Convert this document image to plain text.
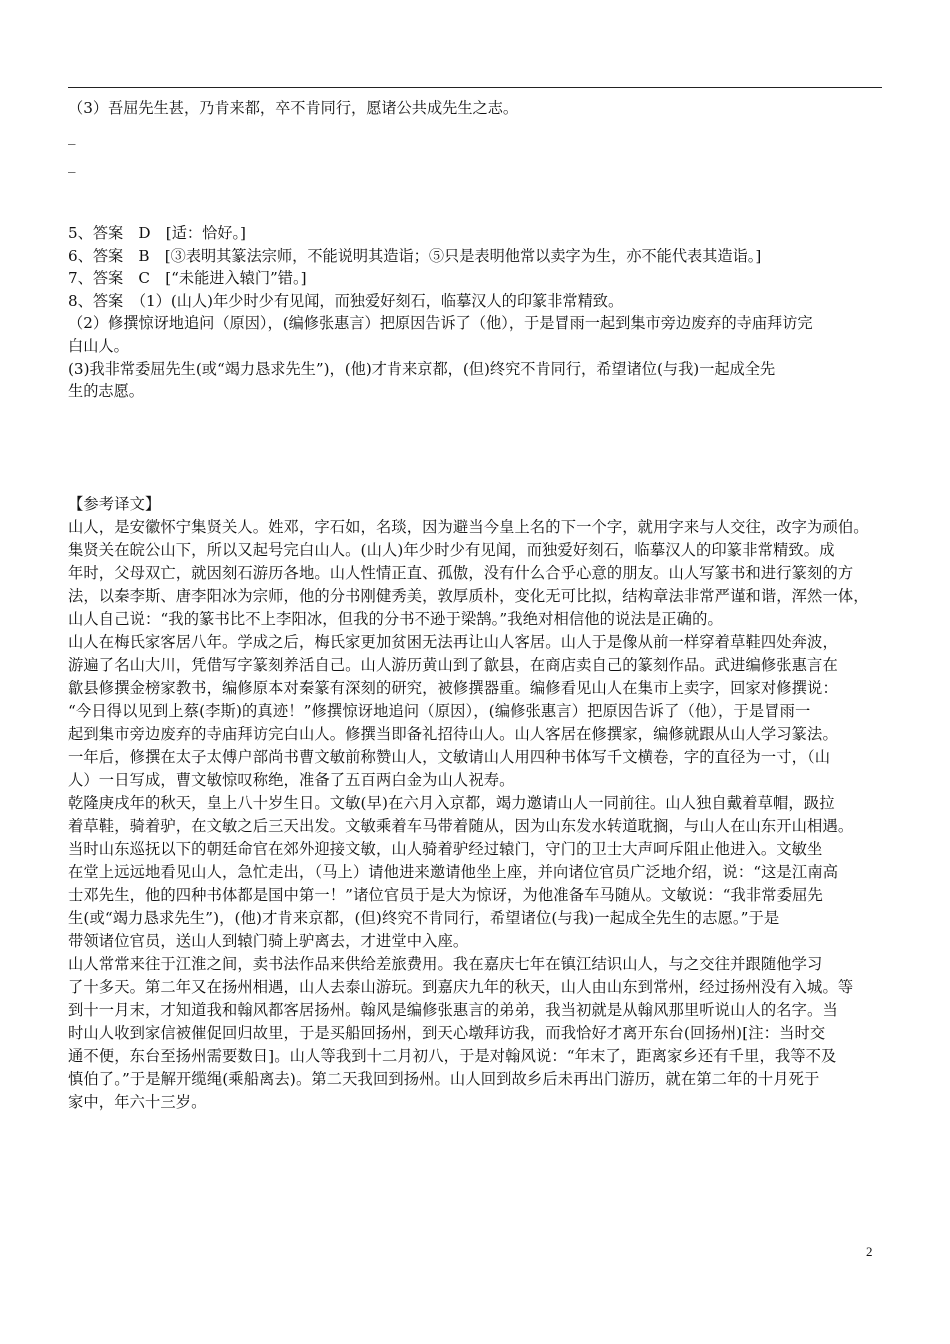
（3）吾屈先生甚，乃肯来都，卒不肯同行，愿诸公共成先生之志。
_
_
5、答案　D　[适：恰好。]
6、答案　B　[③表明其篆法宗师，不能说明其造诣；⑤只是表明他常以卖字为生，亦不能代表其造诣。]
7、答案　C　[“未能进入辕门”错。]
8、答案　（1）(山人)年少时少有见闻，而独爱好刻石，临摹汉人的印篆非常精致。
（2）修撰惊讶地追问（原因），(编修张惠言）把原因告诉了（他），于是冒雨一起到集市旁边废弃的寺庙拜访完
白山人。
(3)我非常委屈先生(或“竭力恳求先生”)，(他)才肯来京都，(但)终究不肯同行，希望诸位(与我)一起成全先
生的志愿。
【参考译文】
山人，是安徽怀宁集贤关人。姓邓，字石如，名琰，因为避当今皇上名的下一个字，就用字来与人交往，改字为顽伯。
集贤关在皖公山下，所以又起号完白山人。(山人)年少时少有见闻，而独爱好刻石，临摹汉人的印篆非常精致。成
年时，父母双亡，就因刻石游历各地。山人性情正直、孤傲，没有什么合乎心意的朋友。山人写篆书和进行篆刻的方
法，以秦李斯、唐李阳冰为宗师，他的分书刚健秀美，敦厚质朴，变化无可比拟，结构章法非常严谨和谐，浑然一体，
山人自己说：“我的篆书比不上李阳冰，但我的分书不逊于梁鹄。”我绝对相信他的说法是正确的。
山人在梅氏家客居八年。学成之后，梅氏家更加贫困无法再让山人客居。山人于是像从前一样穿着草鞋四处奔波，
游遍了名山大川，凭借写字篆刻养活自己。山人游历黄山到了歙县，在商店卖自己的篆刻作品。武进编修张惠言在
歙县修撰金榜家教书，编修原本对秦篆有深刻的研究，被修撰器重。编修看见山人在集市上卖字，回家对修撰说：
“今日得以见到上蔡(李斯)的真迹！”修撰惊讶地追问（原因），(编修张惠言）把原因告诉了（他），于是冒雨一
起到集市旁边废弃的寺庙拜访完白山人。修撰当即备礼招待山人。山人客居在修撰家，编修就跟从山人学习篆法。
一年后，修撰在太子太傅户部尚书曹文敏前称赞山人，文敏请山人用四种书体写千文横卷，字的直径为一寸，（山
人）一日写成，曹文敏惊叹称绝，准备了五百两白金为山人祝寿。
乾隆庚戌年的秋天，皇上八十岁生日。文敏(早)在六月入京都，竭力邀请山人一同前往。山人独自戴着草帽，趿拉
着草鞋，骑着驴，在文敏之后三天出发。文敏乘着车马带着随从，因为山东发水转道耽搁，与山人在山东开山相遇。
当时山东巡抚以下的朝廷命官在郊外迎接文敏，山人骑着驴经过辕门，守门的卫士大声呵斥阻止他进入。文敏坐
在堂上远远地看见山人，急忙走出，（马上）请他进来邀请他坐上座，并向诸位官员广泛地介绍，说：“这是江南高
士邓先生，他的四种书体都是国中第一！”诸位官员于是大为惊讶，为他准备车马随从。文敏说：“我非常委屈先
生(或“竭力恳求先生”)，(他)才肯来京都，(但)终究不肯同行，希望诸位(与我)一起成全先生的志愿。”于是
带领诸位官员，送山人到辕门骑上驴离去，才进堂中入座。
山人常常来往于江淮之间，卖书法作品来供给差旅费用。我在嘉庆七年在镇江结识山人，与之交往并跟随他学习
了十多天。第二年又在扬州相遇，山人去泰山游玩。到嘉庆九年的秋天，山人由山东到常州，经过扬州没有入城。等
到十一月末，才知道我和翰风都客居扬州。翰风是编修张惠言的弟弟，我当初就是从翰风那里听说山人的名字。当
时山人收到家信被催促回归故里，于是买船回扬州，到天心墩拜访我，而我恰好才离开东台(回扬州)[注：当时交
通不便，东台至扬州需要数日]。山人等我到十二月初八，于是对翰风说：“年末了，距离家乡还有千里，我等不及
慎伯了。”于是解开缆绳(乘船离去)。第二天我回到扬州。山人回到故乡后未再出门游历，就在第二年的十月死于
家中，年六十三岁。
2
